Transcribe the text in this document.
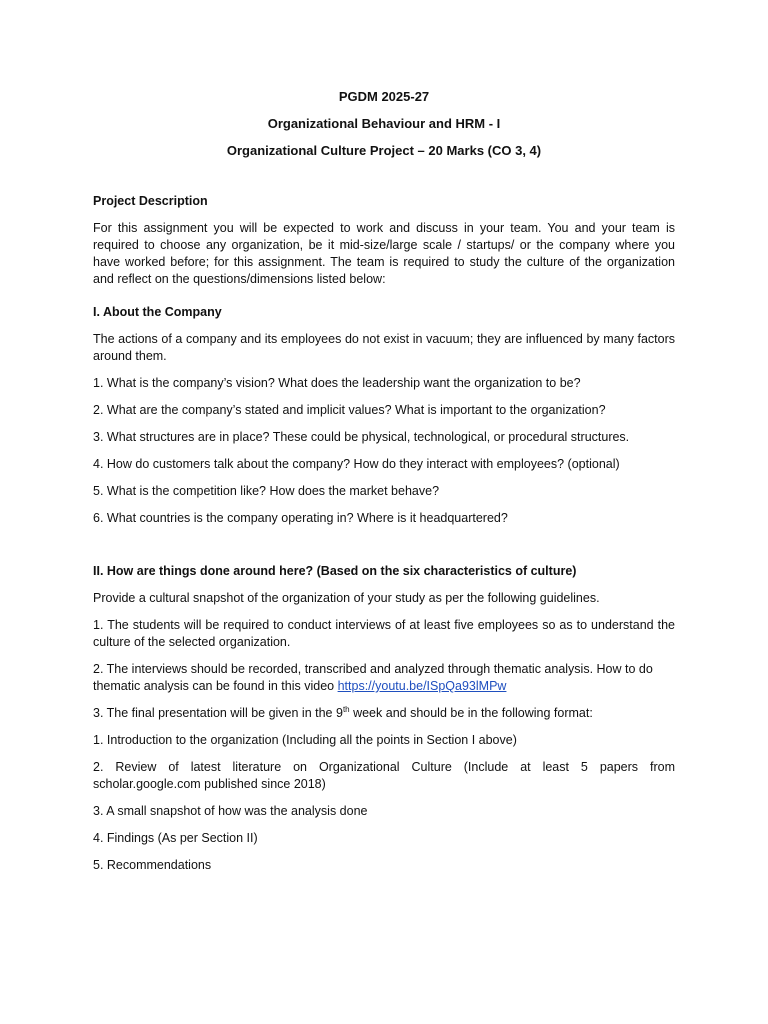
PGDM 2025-27
Organizational Behaviour and HRM - I
Organizational Culture Project – 20 Marks (CO 3, 4)
Project Description
For this assignment you will be expected to work and discuss in your team. You and your team is required to choose any organization, be it mid-size/large scale / startups/ or the company where you have worked before; for this assignment. The team is required to study the culture of the organization and reflect on the questions/dimensions listed below:
I. About the Company
The actions of a company and its employees do not exist in vacuum; they are influenced by many factors around them.
1. What is the company’s vision? What does the leadership want the organization to be?
2. What are the company’s stated and implicit values? What is important to the organization?
3. What structures are in place? These could be physical, technological, or procedural structures.
4. How do customers talk about the company? How do they interact with employees? (optional)
5. What is the competition like? How does the market behave?
6. What countries is the company operating in? Where is it headquartered?
II. How are things done around here? (Based on the six characteristics of culture)
Provide a cultural snapshot of the organization of your study as per the following guidelines.
1. The students will be required to conduct interviews of at least five employees so as to understand the culture of the selected organization.
2. The interviews should be recorded, transcribed and analyzed through thematic analysis. How to do thematic analysis can be found in this video https://youtu.be/ISpQa93lMPw
3. The final presentation will be given in the 9th week and should be in the following format:
1. Introduction to the organization (Including all the points in Section I above)
2. Review of latest literature on Organizational Culture (Include at least 5 papers from scholar.google.com published since 2018)
3. A small snapshot of how was the analysis done
4. Findings (As per Section II)
5. Recommendations
